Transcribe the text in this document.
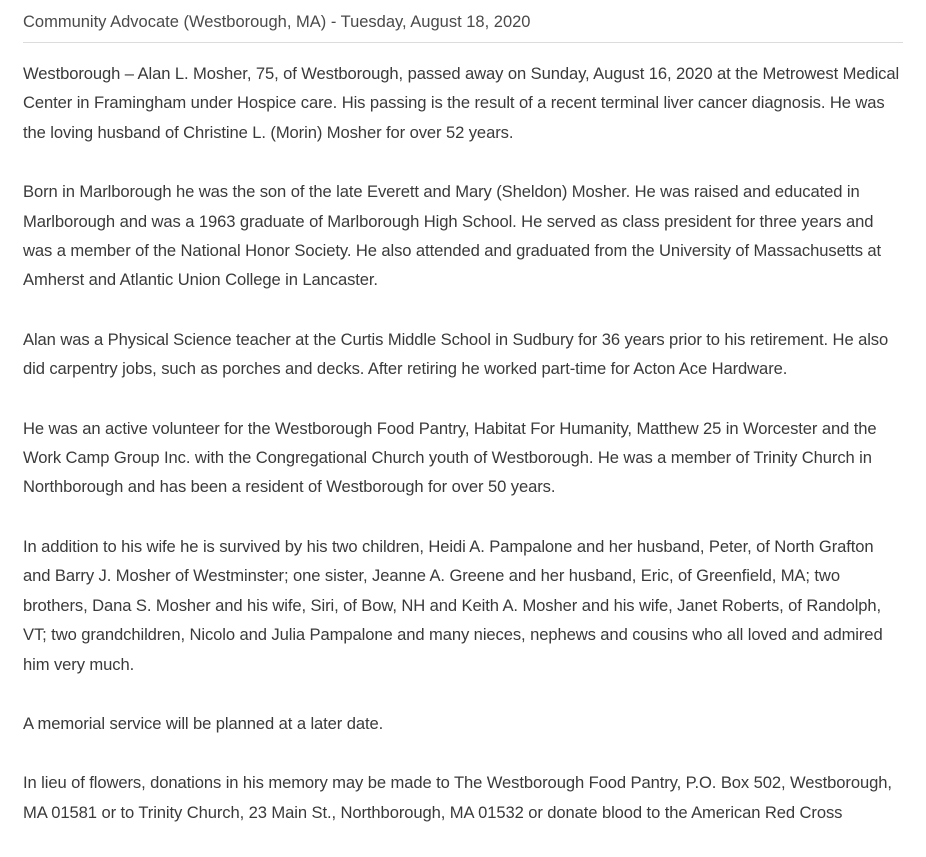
Community Advocate (Westborough, MA) - Tuesday, August 18, 2020

Westborough – Alan L. Mosher, 75, of Westborough, passed away on Sunday, August 16, 2020 at the Metrowest Medical Center in Framingham under Hospice care. His passing is the result of a recent terminal liver cancer diagnosis. He was the loving husband of Christine L. (Morin) Mosher for over 52 years.

Born in Marlborough he was the son of the late Everett and Mary (Sheldon) Mosher. He was raised and educated in Marlborough and was a 1963 graduate of Marlborough High School. He served as class president for three years and was a member of the National Honor Society. He also attended and graduated from the University of Massachusetts at Amherst and Atlantic Union College in Lancaster.

Alan was a Physical Science teacher at the Curtis Middle School in Sudbury for 36 years prior to his retirement. He also did carpentry jobs, such as porches and decks. After retiring he worked part-time for Acton Ace Hardware.

He was an active volunteer for the Westborough Food Pantry, Habitat For Humanity, Matthew 25 in Worcester and the Work Camp Group Inc. with the Congregational Church youth of Westborough. He was a member of Trinity Church in Northborough and has been a resident of Westborough for over 50 years.

In addition to his wife he is survived by his two children, Heidi A. Pampalone and her husband, Peter, of North Grafton and Barry J. Mosher of Westminster; one sister, Jeanne A. Greene and her husband, Eric, of Greenfield, MA; two brothers, Dana S. Mosher and his wife, Siri, of Bow, NH and Keith A. Mosher and his wife, Janet Roberts, of Randolph, VT; two grandchildren, Nicolo and Julia Pampalone and many nieces, nephews and cousins who all loved and admired him very much.

A memorial service will be planned at a later date.

In lieu of flowers, donations in his memory may be made to The Westborough Food Pantry, P.O. Box 502, Westborough, MA 01581 or to Trinity Church, 23 Main St., Northborough, MA 01532 or donate blood to the American Red Cross
